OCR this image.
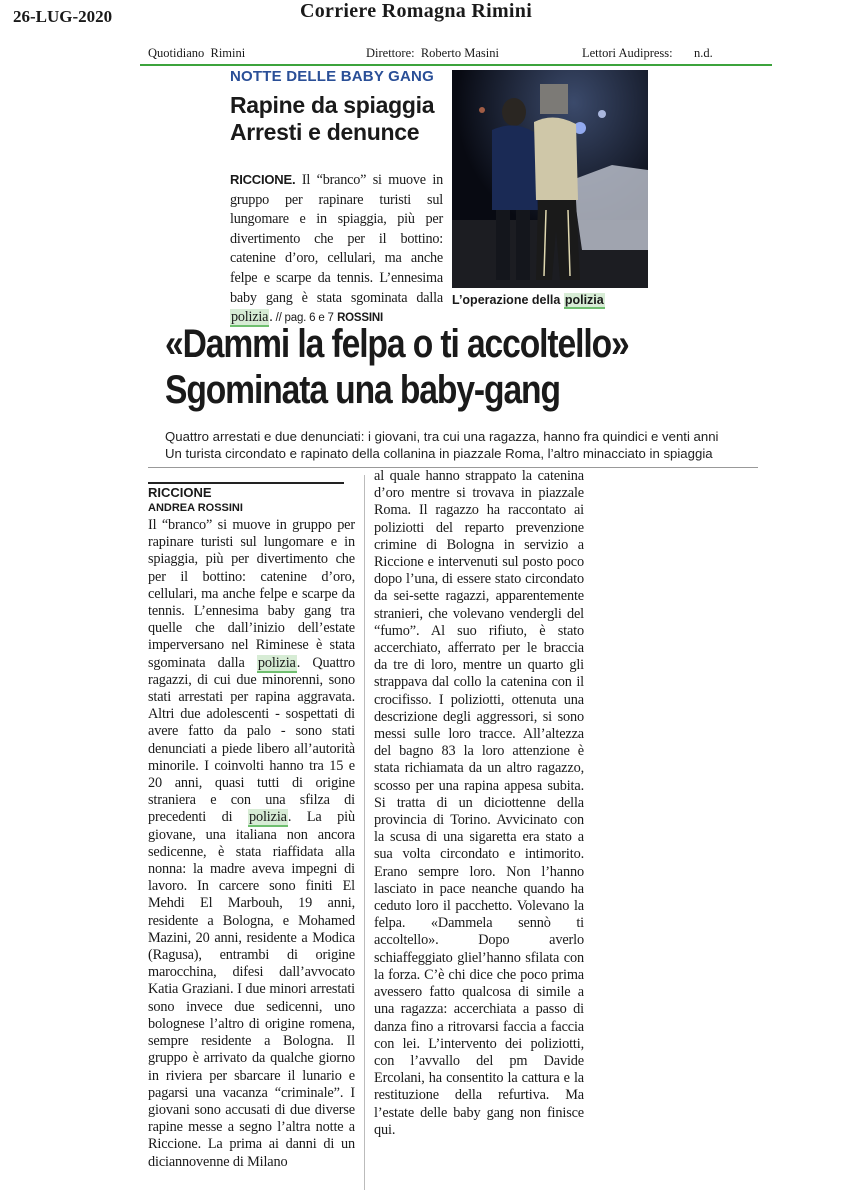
26-LUG-2020	Corriere Romagna Rimini
Quotidiano Rimini	Direttore: Roberto Masini	Lettori Audipress: n.d.
NOTTE DELLE BABY GANG
Rapine da spiaggia
Arresti e denunce
RICCIONE. Il “branco” si muove in gruppo per rapinare turisti sul lungomare e in spiaggia, più per divertimento che per il bottino: catenine d’oro, cellulari, ma anche felpe e scarpe da tennis. L’ennesima baby gang è stata sgominata dalla polizia. // pag. 6 e 7 ROSSINI
L’operazione della polizia
«Dammi la felpa o ti accoltello»
Sgominata una baby-gang
Quattro arrestati e due denunciati: i giovani, tra cui una ragazza, hanno fra quindici e venti anni
Un turista circondato e rapinato della collanina in piazzale Roma, l’altro minacciato in spiaggia
RICCIONE
ANDREA ROSSINI
Il “branco” si muove in gruppo per rapinare turisti sul lungomare e in spiaggia, più per divertimento che per il bottino: catenine d’oro, cellulari, ma anche felpe e scarpe da tennis. L’ennesima baby gang tra quelle che dall’inizio dell’estate imperversano nel Riminese è stata sgominata dalla polizia. Quattro ragazzi, di cui due minorenni, sono stati arrestati per rapina aggravata. Altri due adolescenti - sospettati di avere fatto da palo - sono stati denunciati a piede libero all’autorità minorile. I coinvolti hanno tra 15 e 20 anni, quasi tutti di origine straniera e con una sfilza di precedenti di polizia. La più giovane, una italiana non ancora sedicenne, è stata riaffidata alla nonna: la madre aveva impegni di lavoro. In carcere sono finiti El Mehdi El Marbouh, 19 anni, residente a Bologna, e Mohamed Mazini, 20 anni, residente a Modica (Ragusa), entrambi di origine marocchina, difesi dall’avvocato Katia Graziani. I due minori arrestati sono invece due sedicenni, uno bolognese l’altro di origine romena, sempre residente a Bologna. Il gruppo è arrivato da qualche giorno in riviera per sbarcare il lunario e pagarsi una vacanza “criminale”. I giovani sono accusati di due diverse rapine messe a segno l’altra notte a Riccione. La prima ai danni di un diciannovenne di Milano
al quale hanno strappato la catenina d’oro mentre si trovava in piazzale Roma. Il ragazzo ha raccontato ai poliziotti del reparto prevenzione crimine di Bologna in servizio a Riccione e intervenuti sul posto poco dopo l’una, di essere stato circondato da sei-sette ragazzi, apparentemente stranieri, che volevano vendergli del “fumo”. Al suo rifiuto, è stato accerchiato, afferrato per le braccia da tre di loro, mentre un quarto gli strappava dal collo la catenina con il crocifisso. I poliziotti, ottenuta una descrizione degli aggressori, si sono messi sulle loro tracce. All’altezza del bagno 83 la loro attenzione è stata richiamata da un altro ragazzo, scosso per una rapina appesa subita. Si tratta di un diciottenne della provincia di Torino. Avvicinato con la scusa di una sigaretta era stato a sua volta circondato e intimorito. Erano sempre loro. Non l’hanno lasciato in pace neanche quando ha ceduto loro il pacchetto. Volevano la felpa. «Dammela sennò ti accoltello». Dopo averlo schiaffeggiato gliel’hanno sfilata con la forza. C’è chi dice che poco prima avessero fatto qualcosa di simile a una ragazza: accerchiata a passo di danza fino a ritrovarsi faccia a faccia con lei. L’intervento dei poliziotti, con l’avvallo del pm Davide Ercolani, ha consentito la cattura e la restituzione della refurtiva. Ma l’estate delle baby gang non finisce qui.
